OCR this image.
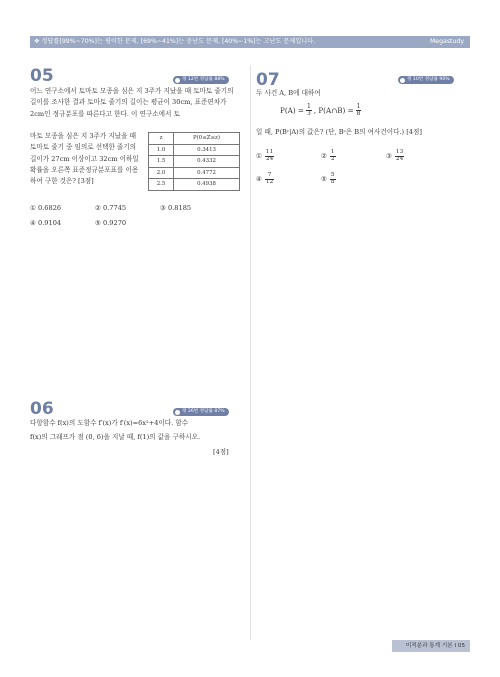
❖ 정답률[99%~70%]는 평이한 문제, [69%~41%]는 중난도 문제, [40%~1%]는 고난도 문제입니다.	Megastudy
05	정 12번 정답률 88%
어느 연구소에서 토마토 모종을 심은 지 3주가 지났을 때 토마토 줄기의 길이를 조사한 결과 토마토 줄기의 길이는 평균이 30cm, 표준편차가 2cm인 정규분포를 따른다고 한다. 이 연구소에서 토
마토 모종을 심은 지 3주가 지났을 때 토마토 줄기 중 임의로 선택한 줄기의 길이가 27cm 이상이고 32cm 이하일 확률을 오른쪽 표준정규분포표를 이용하여 구한 것은? [3점]
z	P(0≤Z≤z)
1.0	0.3413
1.5	0.4332
2.0	0.4772
2.5	0.4938
① 0.6826	② 0.7745	③ 0.8185
④ 0.9104	⑤ 0.9270
06	정 26번 정답률 87%
다항함수 f(x)의 도함수 f′(x)가 f′(x)=6x²+4이다. 함수
f(x)의 그래프가 점 (0, 6)을 지날 때, f(1)의 값을 구하시오.
[4점]
07	정 10번 정답률 90%
두 사건 A, B에 대하여
$P(A) = \frac{1}{3}$ , P(A∩B) = $\frac{1}{8}$
일 때, P(Bᶜ|A)의 값은? (단, Bᶜ은 B의 여사건이다.) [4점]
① $\frac{11}{24}$	② $\frac{1}{2}$	③ $\frac{13}{24}$
④ $\frac{7}{12}$	⑤ $\frac{5}{8}$
미적분과 통계 기본 I 05
